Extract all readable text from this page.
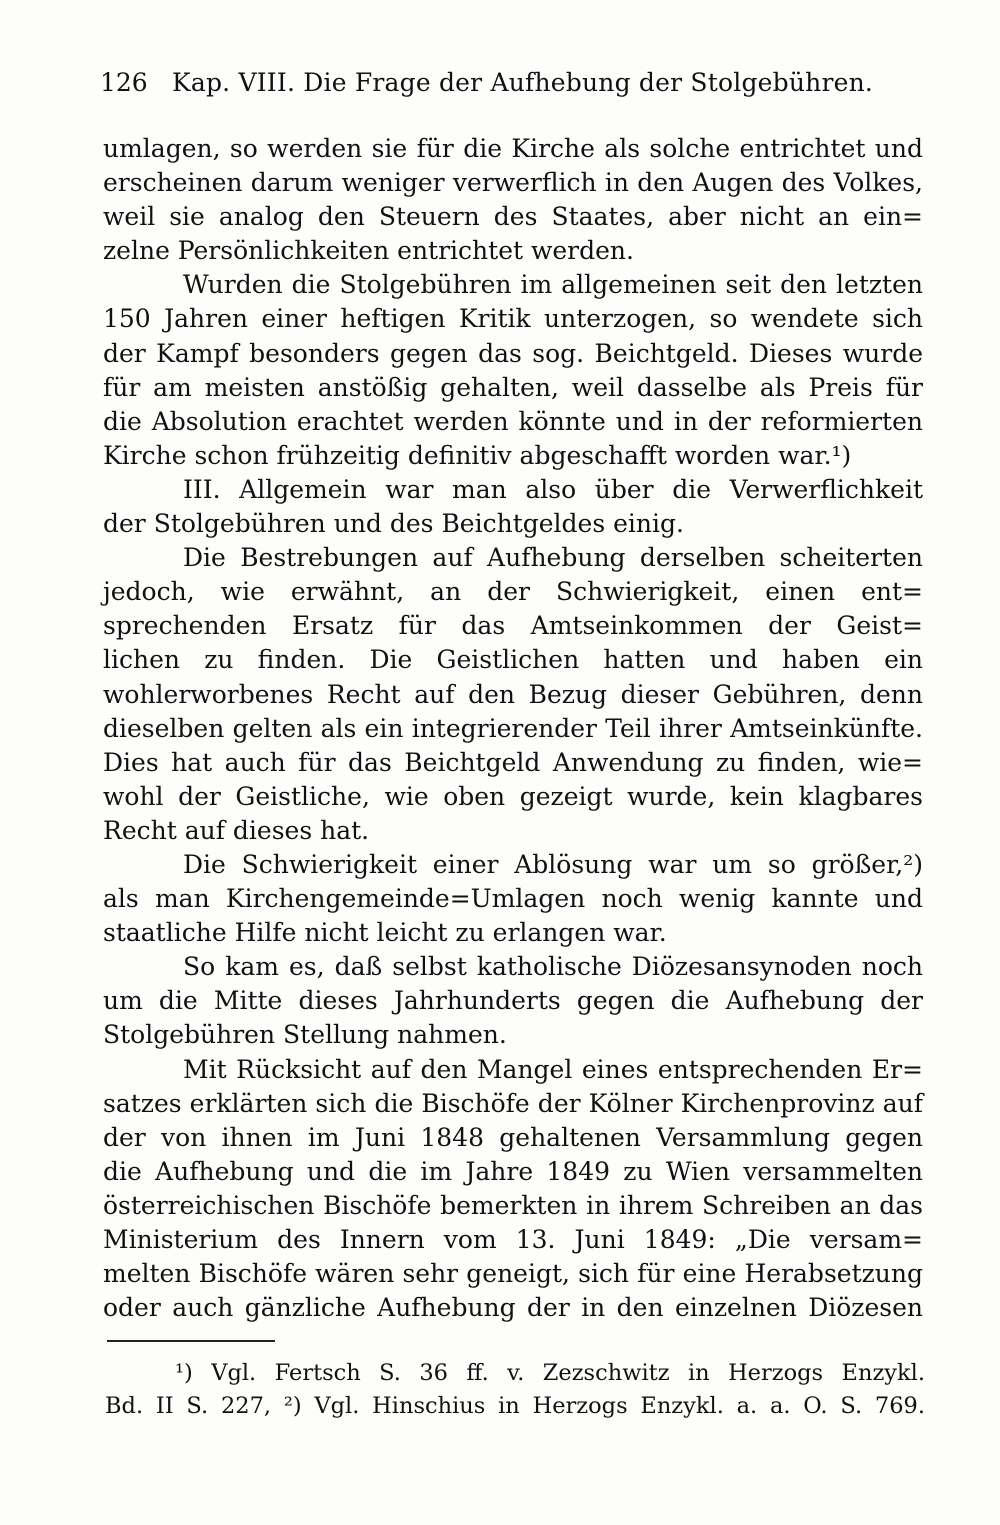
126 Kap. VIII. Die Frage der Aufhebung der Stolgebühren.
umlagen, so werden sie für die Kirche als solche entrichtet und
erscheinen darum weniger verwerflich in den Augen des Volkes,
weil sie analog den Steuern des Staates, aber nicht an ein=
zelne Persönlichkeiten entrichtet werden.
Wurden die Stolgebühren im allgemeinen seit den letzten
150 Jahren einer heftigen Kritik unterzogen, so wendete sich
der Kampf besonders gegen das sog. Beichtgeld. Dieses wurde
für am meisten anstößig gehalten, weil dasselbe als Preis für
die Absolution erachtet werden könnte und in der reformierten
Kirche schon frühzeitig definitiv abgeschafft worden war.¹)
III. Allgemein war man also über die Verwerflichkeit
der Stolgebühren und des Beichtgeldes einig.
Die Bestrebungen auf Aufhebung derselben scheiterten
jedoch, wie erwähnt, an der Schwierigkeit, einen ent=
sprechenden Ersatz für das Amtseinkommen der Geist=
lichen zu finden. Die Geistlichen hatten und haben ein
wohlerworbenes Recht auf den Bezug dieser Gebühren, denn
dieselben gelten als ein integrierender Teil ihrer Amtseinkünfte.
Dies hat auch für das Beichtgeld Anwendung zu finden, wie=
wohl der Geistliche, wie oben gezeigt wurde, kein klagbares
Recht auf dieses hat.
Die Schwierigkeit einer Ablösung war um so größer,²)
als man Kirchengemeinde=Umlagen noch wenig kannte und
staatliche Hilfe nicht leicht zu erlangen war.
So kam es, daß selbst katholische Diözesansynoden noch
um die Mitte dieses Jahrhunderts gegen die Aufhebung der
Stolgebühren Stellung nahmen.
Mit Rücksicht auf den Mangel eines entsprechenden Er=
satzes erklärten sich die Bischöfe der Kölner Kirchenprovinz auf
der von ihnen im Juni 1848 gehaltenen Versammlung gegen
die Aufhebung und die im Jahre 1849 zu Wien versammelten
österreichischen Bischöfe bemerkten in ihrem Schreiben an das
Ministerium des Innern vom 13. Juni 1849: „Die versam=
melten Bischöfe wären sehr geneigt, sich für eine Herabsetzung
oder auch gänzliche Aufhebung der in den einzelnen Diözesen
¹) Vgl. Fertsch S. 36 ff. v. Zezschwitz in Herzogs Enzykl.
Bd. II S. 227, ²) Vgl. Hinschius in Herzogs Enzykl. a. a. O. S. 769.
